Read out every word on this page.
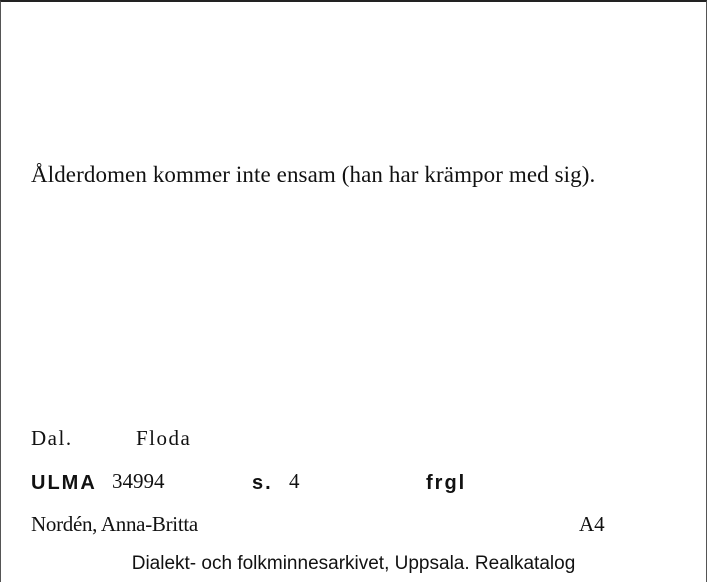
Ålderdomen kommer inte ensam (han har krämpor med sig).
Dal.	Floda
ULMA 34994	s. 4	frgl
Nordén, Anna-Britta	A4
Dialekt- och folkminnesarkivet, Uppsala. Realkatalog
